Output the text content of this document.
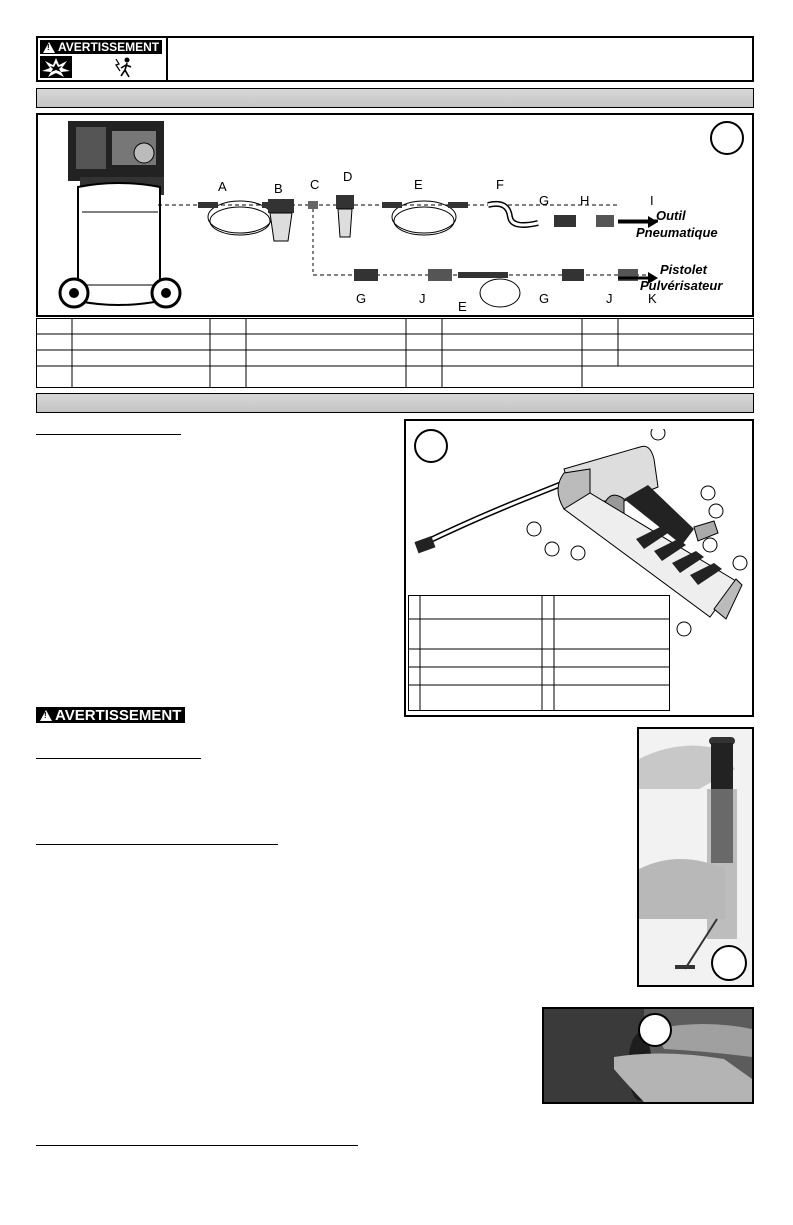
!
AVERTISSEMENT
A	B C
D
E	F
G H	I
Outil
Pneumatique
G	J
E
G	J	K
Pistolet
Pulvérisateur
!
AVERTISSEMENT
